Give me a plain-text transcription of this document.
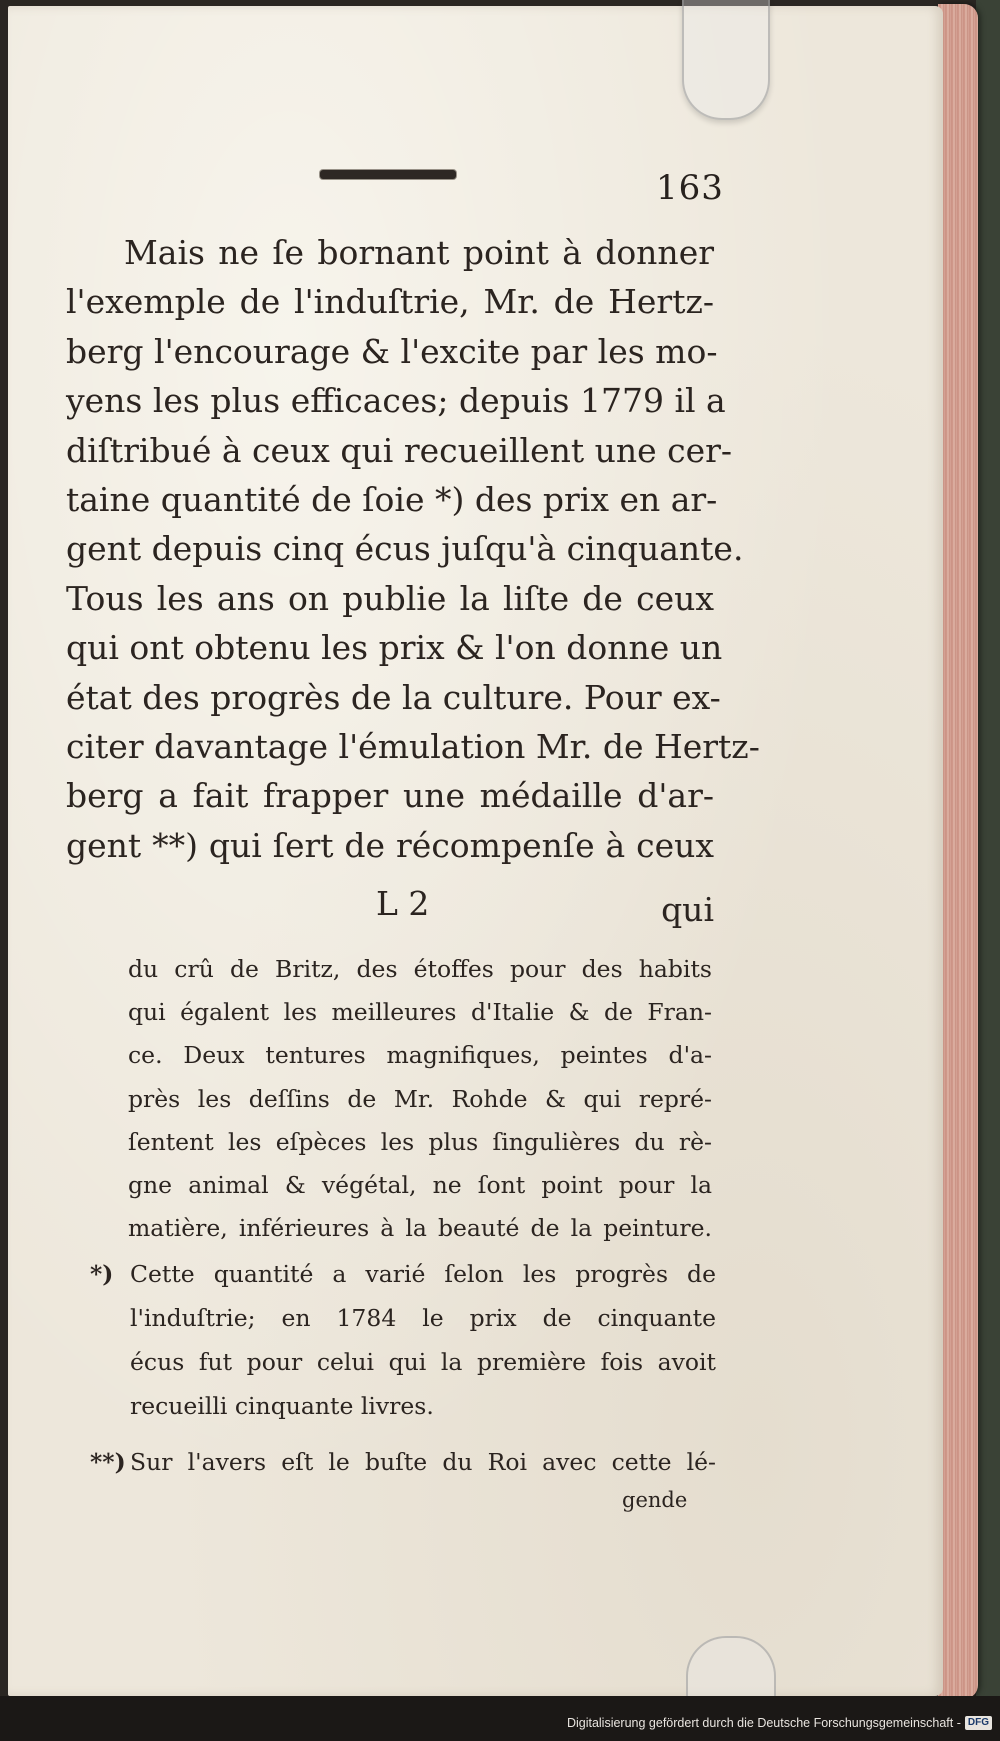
163
Mais ne ſe bornant point à donner
l'exemple de l'induſtrie, Mr. de Hertz-
berg l'encourage & l'excite par les mo-
yens les plus efficaces; depuis 1779 il a
diſtribué à ceux qui recueillent une cer-
taine quantité de ſoie *) des prix en ar-
gent depuis cinq écus juſqu'à cinquante.
Tous les ans on publie la liſte de ceux
qui ont obtenu les prix & l'on donne un
état des progrès de la culture. Pour ex-
citer davantage l'émulation Mr. de Hertz-
berg a fait frapper une médaille d'ar-
gent **) qui ſert de récompenſe à ceux
L 2	qui
du crû de Britz, des étoffes pour des habits
qui égalent les meilleures d'Italie & de Fran-
ce. Deux tentures magnifiques, peintes d'a-
près les deſſins de Mr. Rohde & qui repré-
ſentent les eſpèces les plus ſingulières du rè-
gne animal & végétal, ne ſont point pour la
matière, inférieures à la beauté de la peinture.
*) Cette quantité a varié ſelon les progrès de
l'induſtrie; en 1784 le prix de cinquante
écus fut pour celui qui la première fois avoit
recueilli cinquante livres.
**) Sur l'avers eſt le buſte du Roi avec cette lé-
gende
Digitalisierung gefördert durch die Deutsche Forschungsgemeinschaft - DFG
